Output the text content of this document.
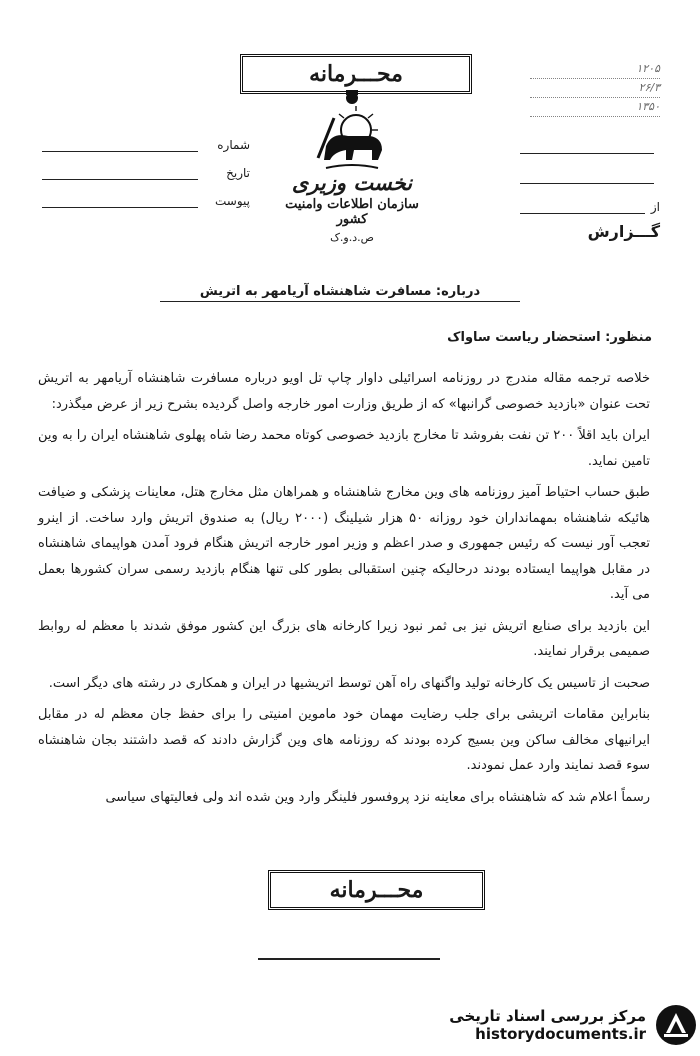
محـــرمانه
شماره
تاریخ
پیوست
نخست وزیری
سازمان اطلاعات وامنیت کشور
ص.د.و.ک
۱۲۰۵
۲۶/۳
۱۳۵۰
از
گـــزارش
درباره: مسافرت شاهنشاه آریامهر به اتریش
منظور: استحضار ریاست ساواک

خلاصه ترجمه مقاله مندرج در روزنامه اسرائیلی داوار چاپ تل اویو درباره مسافرت شاهنشاه آریامهر به اتریش تحت عنوان «بازدید خصوصی گرانبها» که از طریق وزارت امور خارجه واصل گردیده بشرح زیر از عرض میگذرد:

ایران باید اقلاً ۲۰۰ تن نفت بفروشد تا مخارج بازدید خصوصی کوتاه محمد رضا شاه پهلوی شاهنشاه ایران را به وین تامین نماید.

طبق حساب احتیاط آمیز روزنامه های وین مخارج شاهنشاه و همراهان مثل مخارج هتل، معاینات پزشکی و ضیافت هائیکه شاهنشاه بمهمانداران خود روزانه ۵۰ هزار شیلینگ (۲۰۰۰ ریال) به صندوق اتریش وارد ساخت. از اینرو تعجب آور نیست که رئیس جمهوری و صدر اعظم و وزیر امور خارجه اتریش هنگام فرود آمدن هواپیمای شاهنشاه در مقابل هواپیما ایستاده بودند درحالیکه چنین استقبالی بطور کلی تنها هنگام بازدید رسمی سران کشورها بعمل می آید.

این بازدید برای صنایع اتریش نیز بی ثمر نبود زیرا کارخانه های بزرگ این کشور موفق شدند با معظم له روابط صمیمی برقرار نمایند.

صحبت از تاسیس یک کارخانه تولید واگنهای راه آهن توسط اتریشیها در ایران و همکاری در رشته های دیگر است.

بنابراین مقامات اتریشی برای جلب رضایت مهمان خود ماموین امنیتی را برای حفظ جان معظم له در مقابل ایرانیهای مخالف ساکن وین بسیج کرده بودند که روزنامه های وین گزارش دادند که قصد داشتند بجان شاهنشاه سوء قصد نمایند وارد عمل نمودند.

رسماً اعلام شد که شاهنشاه برای معاینه نزد پروفسور فلینگر وارد وین شده اند ولی فعالیتهای سیاسی

محـــرمانه
مرکز بررسی اسناد تاریخی
historydocuments.ir
